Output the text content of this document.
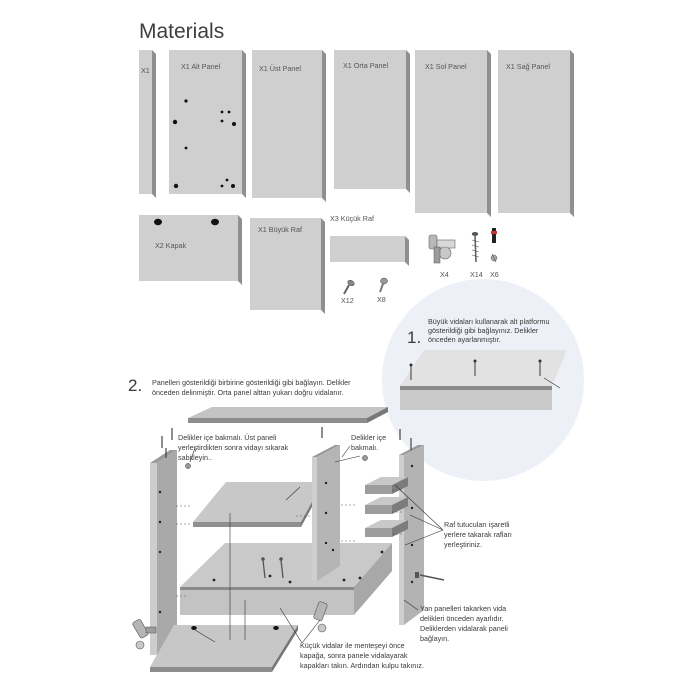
Materials
X1	X1 Alt Panel	X1 Üst Panel	X1 Orta Panel	X1 Sol Panel	X1 Sağ Panel
X2 Kapak
X1 Büyük Raf
X3 Küçük Raf
X4	X14 X6
X12	X8
1.
Büyük vidaları kullanarak alt platformu
gösterildiği gibi bağlayınız. Delikler
önceden ayarlanmıştır.
2. Panelleri gösterildiği birbirine gösterildiği gibi bağlayın. Delikler
önceden delinmiştir. Orta panel alttan yukarı doğru vidalanır.
Delikler içe bakmalı. Üst paneli
yerleştirdikten sonra vidayı sıkarak
sabitleyin..
Delikler içe
bakmalı.
Raf tutucuları işaretli
yerlere takarak rafları
yerleştiriniz.
Yan panelleri takarken vida
delikleri önceden ayarlıdır.
Deliklerden vidalarak paneli
bağlayın.
Küçük vidalar ile menteşeyi önce
kapağa, sonra panele vidalayarak
kapakları takın. Ardından kulpu takınız.
